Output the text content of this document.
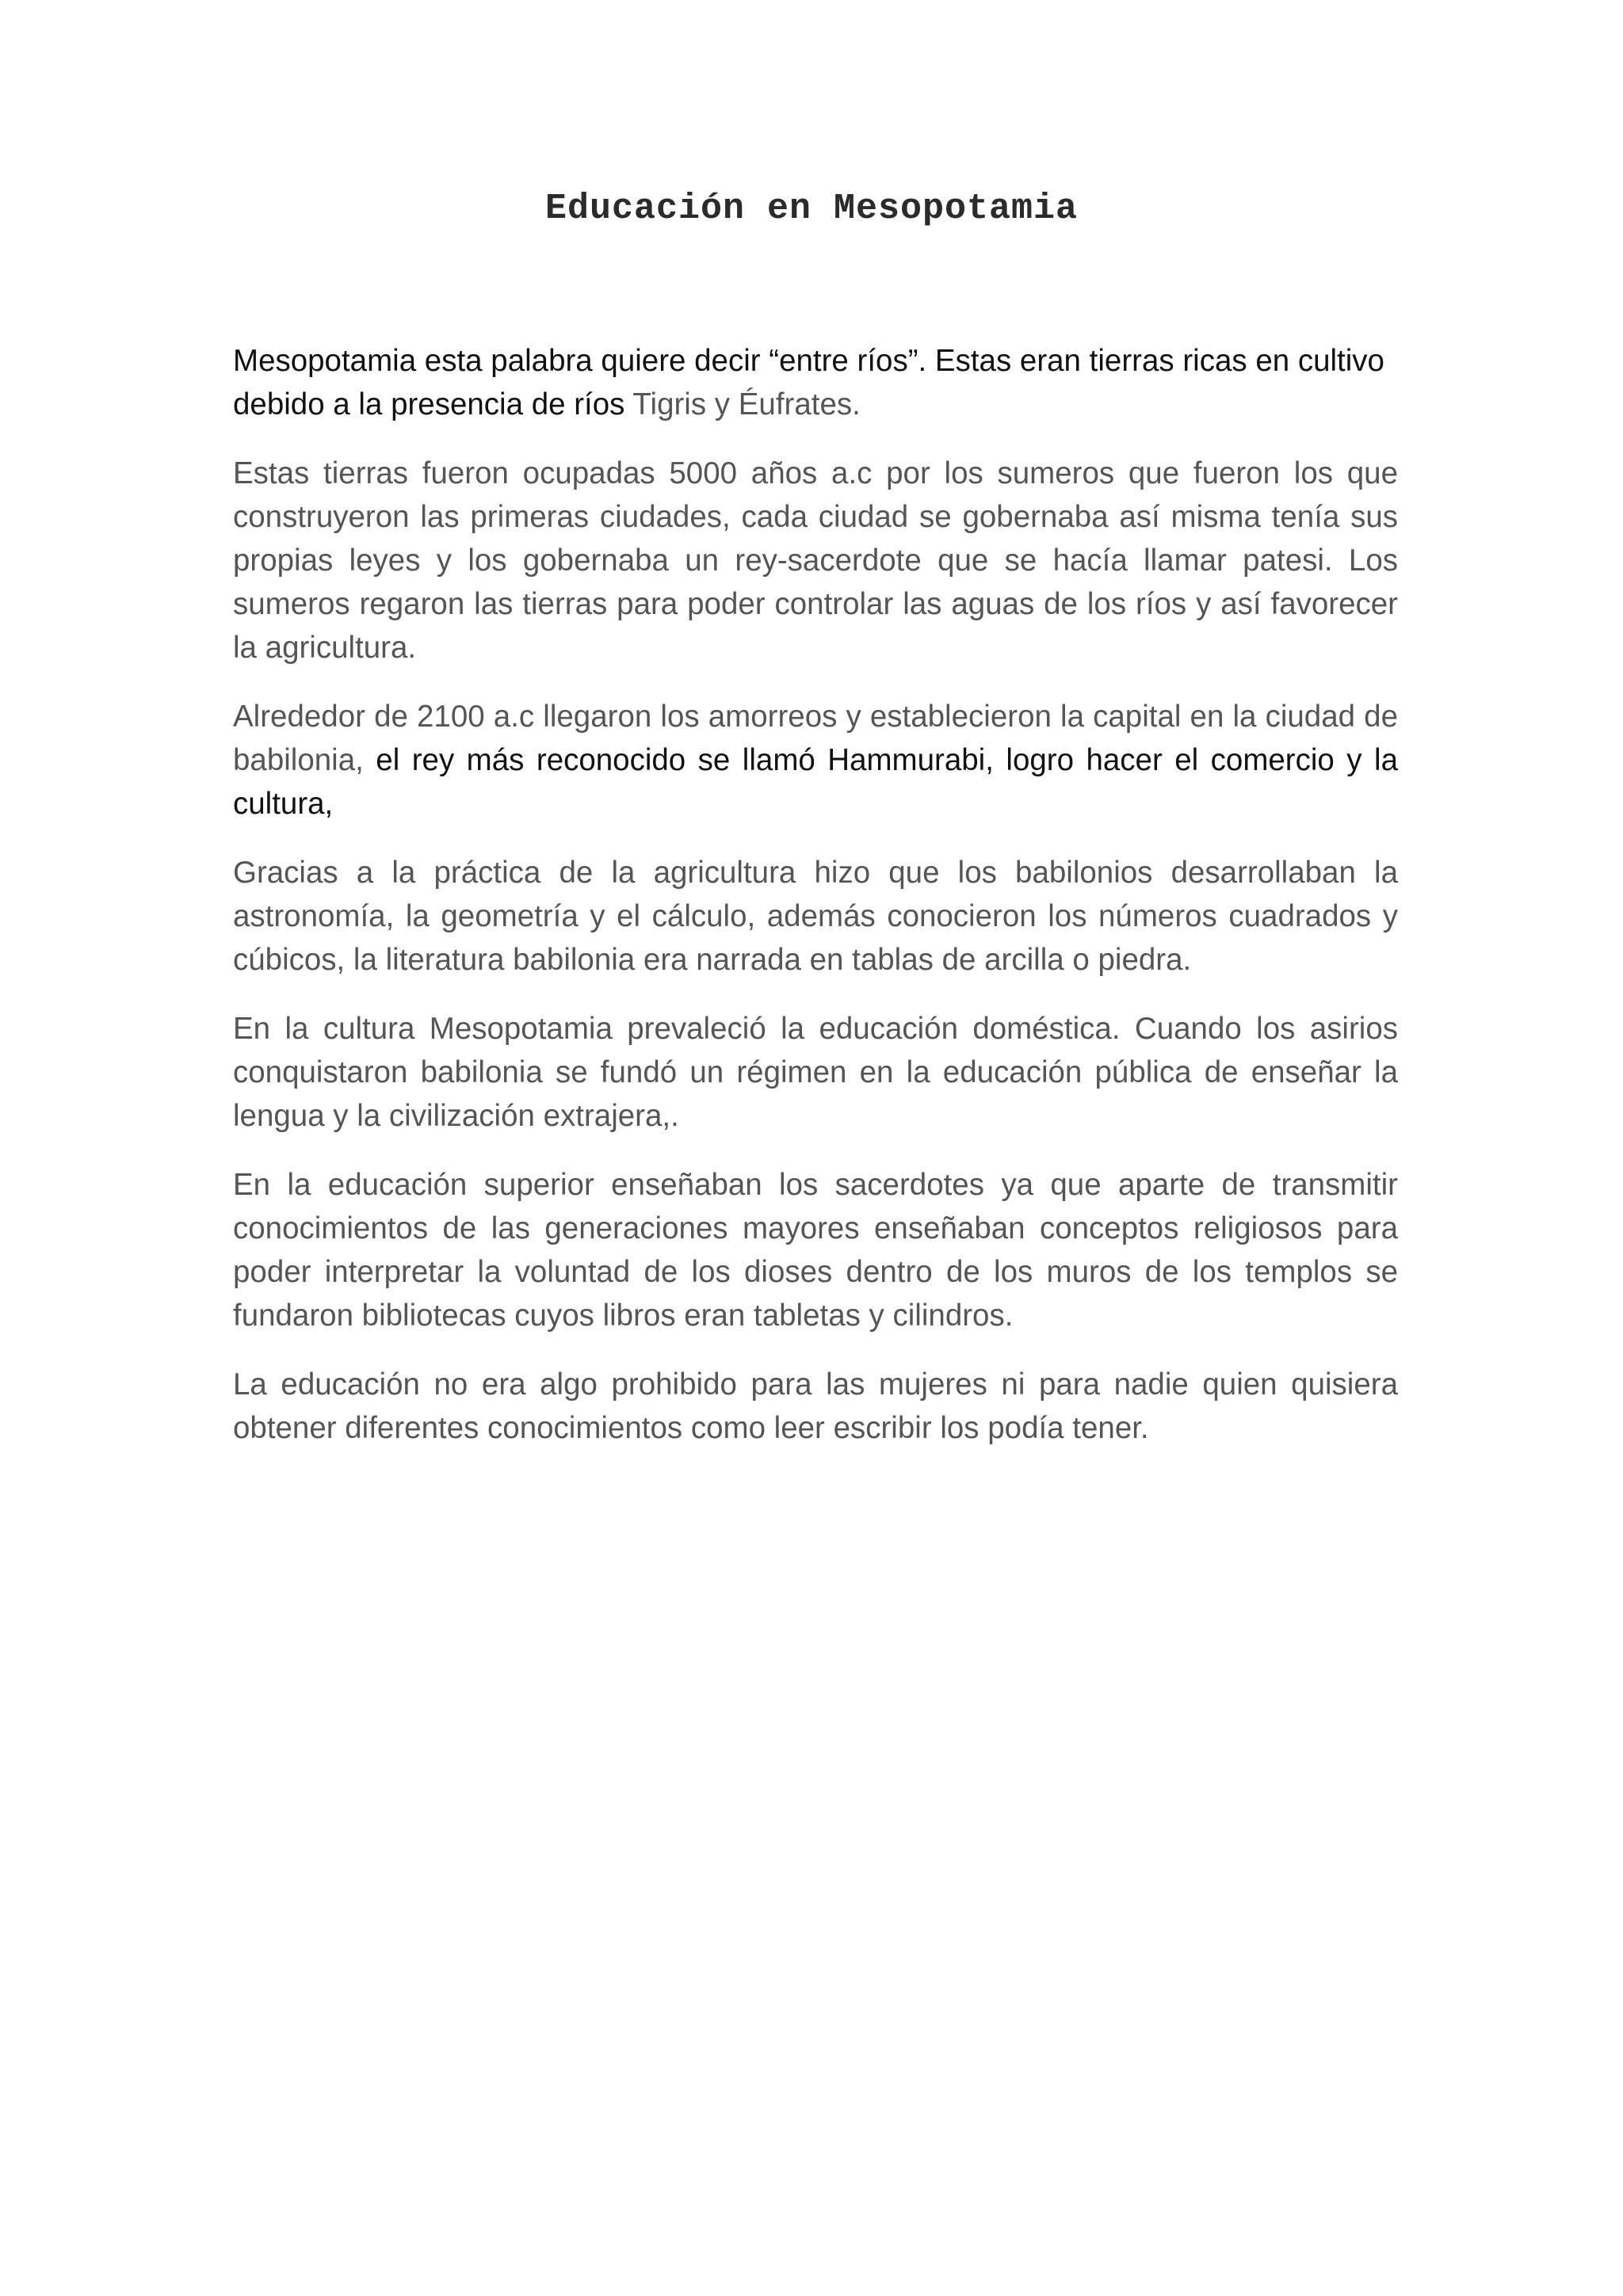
Educación en Mesopotamia

Mesopotamia esta palabra quiere decir “entre ríos”. Estas eran tierras ricas en cultivo debido a la presencia de ríos Tigris y Éufrates.

Estas tierras fueron ocupadas 5000 años a.c por los sumeros que fueron los que construyeron las primeras ciudades, cada ciudad se gobernaba así misma tenía sus propias leyes y los gobernaba un rey-sacerdote que se hacía llamar patesi. Los sumeros regaron las tierras para poder controlar las aguas de los ríos y así favorecer la agricultura.

Alrededor de 2100 a.c llegaron los amorreos y establecieron la capital en la ciudad de babilonia, el rey más reconocido se llamó Hammurabi, logro hacer el comercio y la cultura,

Gracias a la práctica de la agricultura hizo que los babilonios desarrollaban la astronomía, la geometría y el cálculo, además conocieron los números cuadrados y cúbicos, la literatura babilonia era narrada en tablas de arcilla o piedra.

En la cultura Mesopotamia prevaleció la educación doméstica. Cuando los asirios conquistaron babilonia se fundó un régimen en la educación pública de enseñar la lengua y la civilización extrajera,.

En la educación superior enseñaban los sacerdotes ya que aparte de transmitir conocimientos de las generaciones mayores enseñaban conceptos religiosos para poder interpretar la voluntad de los dioses dentro de los muros de los templos se fundaron bibliotecas cuyos libros eran tabletas y cilindros.

La educación no era algo prohibido para las mujeres ni para nadie quien quisiera obtener diferentes conocimientos como leer escribir los podía tener.
